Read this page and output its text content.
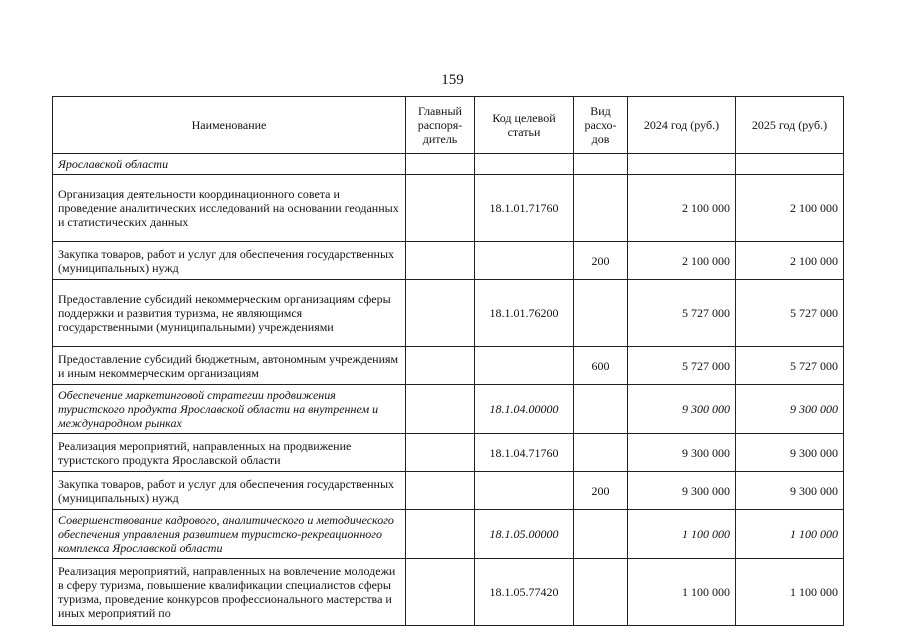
159
Наименование	Главный распоря-дитель	Код целевой статьи	Вид расхо-дов	2024 год (руб.)	2025 год (руб.)
Ярославской области					
Организация деятельности координационного совета и проведение аналитических исследований на основании геоданных и статистических данных		18.1.01.71760		2 100 000	2 100 000
Закупка товаров, работ и услуг для обеспечения государственных (муниципальных) нужд			200	2 100 000	2 100 000
Предоставление субсидий некоммерческим организациям сферы поддержки и развития туризма, не являющимся государственными (муниципальными) учреждениями		18.1.01.76200		5 727 000	5 727 000
Предоставление субсидий бюджетным, автономным учреждениям и иным некоммерческим организациям			600	5 727 000	5 727 000
Обеспечение маркетинговой стратегии продвижения туристского продукта Ярославской области на внутреннем и международном рынках		18.1.04.00000		9 300 000	9 300 000
Реализация мероприятий, направленных на продвижение туристского продукта Ярославской области		18.1.04.71760		9 300 000	9 300 000
Закупка товаров, работ и услуг для обеспечения государственных (муниципальных) нужд			200	9 300 000	9 300 000
Совершенствование кадрового, аналитического и методического обеспечения управления развитием туристско-рекреационного комплекса Ярославской области		18.1.05.00000		1 100 000	1 100 000
Реализация мероприятий, направленных на вовлечение молодежи в сферу туризма, повышение квалификации специалистов сферы туризма, проведение конкурсов профессионального мастерства и иных мероприятий по		18.1.05.77420		1 100 000	1 100 000
